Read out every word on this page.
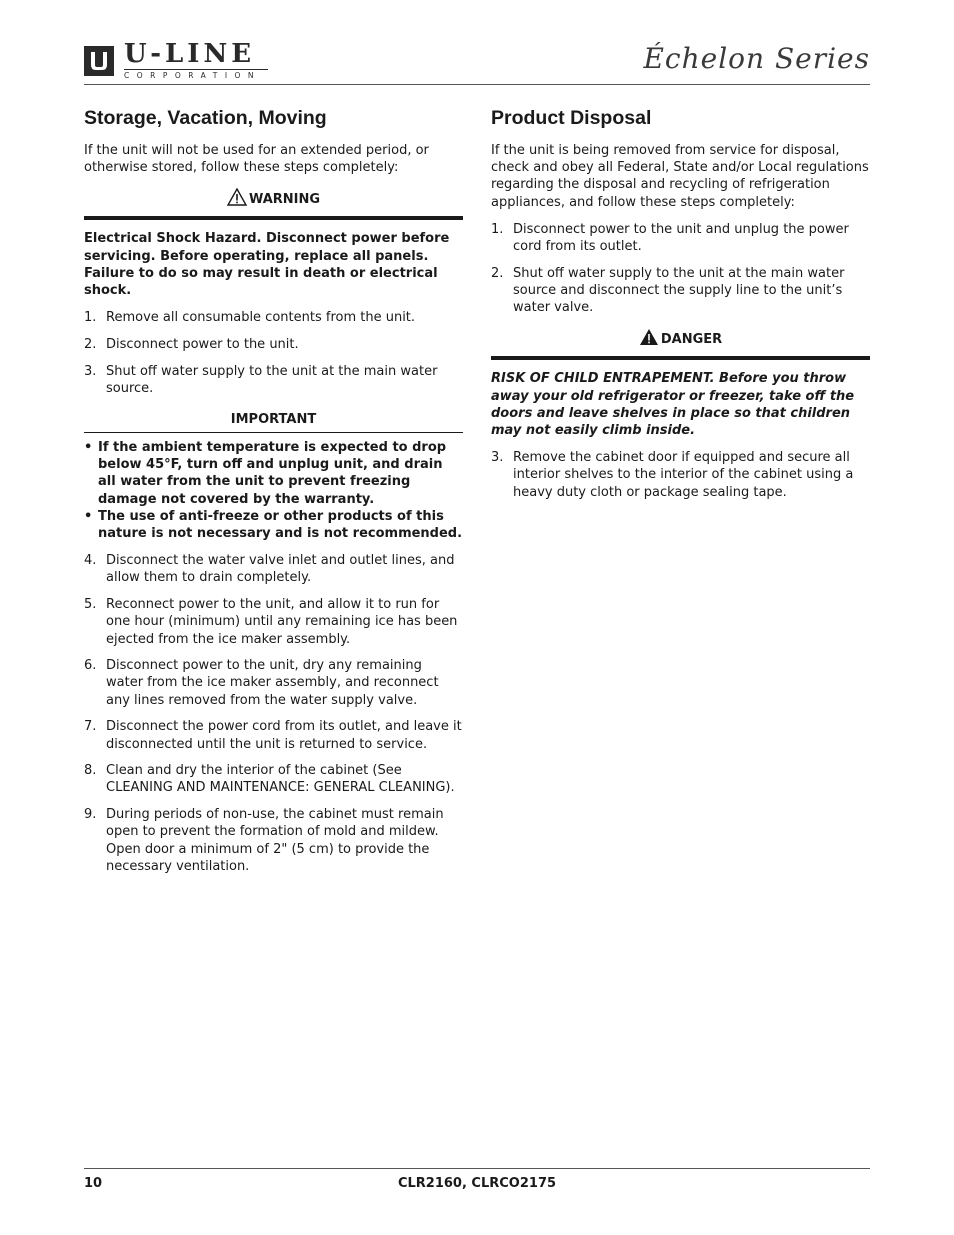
U-LINE
CORPORATION
Échelon Series
Storage, Vacation, Moving

If the unit will not be used for an extended period, or otherwise stored, follow these steps completely:

WARNING

Electrical Shock Hazard. Disconnect power before servicing. Before operating, replace all panels. Failure to do so may result in death or electrical shock.

1. Remove all consumable contents from the unit.
2. Disconnect power to the unit.
3. Shut off water supply to the unit at the main water source.
IMPORTANT
• If the ambient temperature is expected to drop below 45°F, turn off and unplug unit, and drain all water from the unit to prevent freezing damage not covered by the warranty.
• The use of anti-freeze or other products of this nature is not necessary and is not recommended.
4. Disconnect the water valve inlet and outlet lines, and allow them to drain completely.
5. Reconnect power to the unit, and allow it to run for one hour (minimum) until any remaining ice has been ejected from the ice maker assembly.
6. Disconnect power to the unit, dry any remaining water from the ice maker assembly, and reconnect any lines removed from the water supply valve.
7. Disconnect the power cord from its outlet, and leave it disconnected until the unit is returned to service.
8. Clean and dry the interior of the cabinet (See CLEANING AND MAINTENANCE: GENERAL CLEANING).
9. During periods of non-use, the cabinet must remain open to prevent the formation of mold and mildew. Open door a minimum of 2" (5 cm) to provide the necessary ventilation.
Product Disposal

If the unit is being removed from service for disposal, check and obey all Federal, State and/or Local regulations regarding the disposal and recycling of refrigeration appliances, and follow these steps completely:

1. Disconnect power to the unit and unplug the power cord from its outlet.
2. Shut off water supply to the unit at the main water source and disconnect the supply line to the unit’s water valve.
DANGER

RISK OF CHILD ENTRAPEMENT. Before you throw away your old refrigerator or freezer, take off the doors and leave shelves in place so that children may not easily climb inside.

3. Remove the cabinet door if equipped and secure all interior shelves to the interior of the cabinet using a heavy duty cloth or package sealing tape.
10	CLR2160, CLRCO2175
